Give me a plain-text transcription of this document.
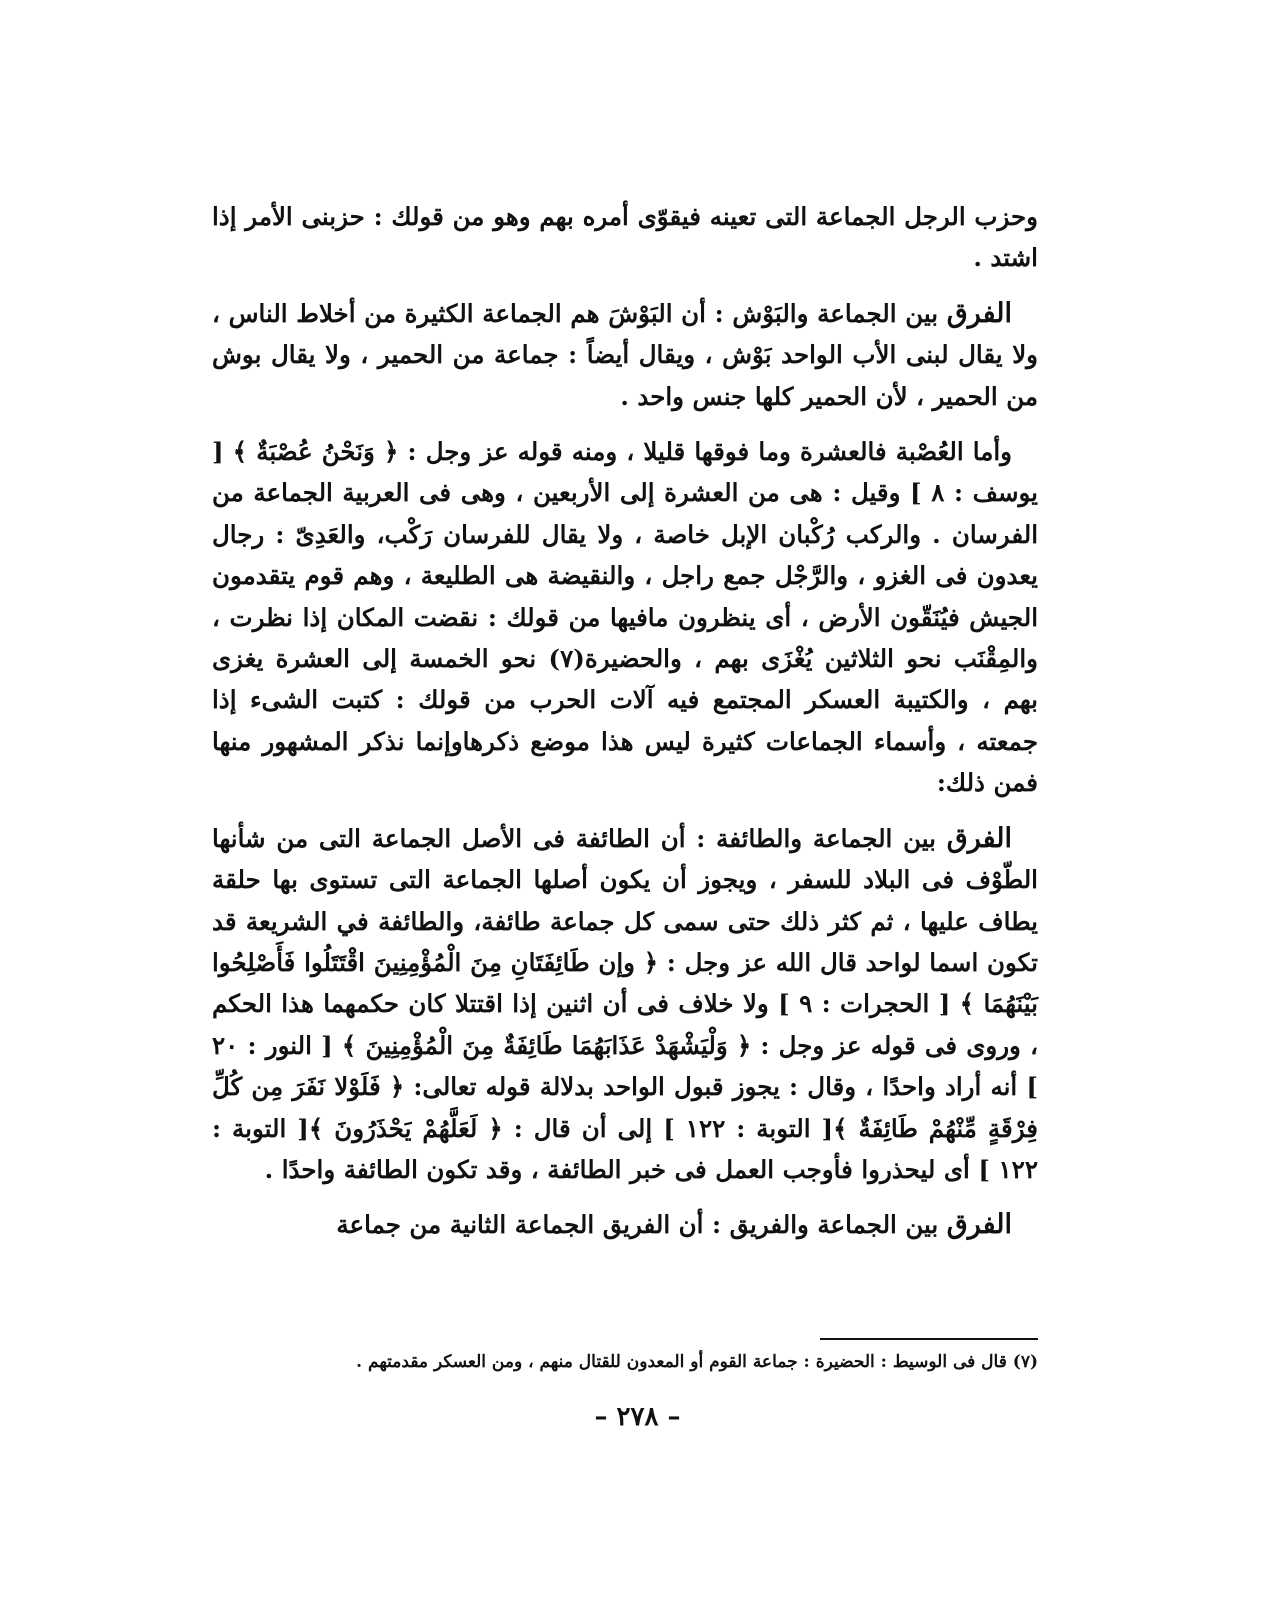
وحزب الرجل الجماعة التى تعينه فيقوّى أمره بهم وهو من قولك : حزبنى الأمر إذا اشتد .

الفرق بين الجماعة والبَوْش : أن البَوْشَ هم الجماعة الكثيرة من أخلاط الناس ، ولا يقال لبنى الأب الواحد بَوْش ، ويقال أيضاً : جماعة من الحمير ، ولا يقال بوش من الحمير ، لأن الحمير كلها جنس واحد .

وأما العُصْبة فالعشرة وما فوقها قليلا ، ومنه قوله عز وجل : ﴿ وَنَحْنُ عُصْبَةٌ ﴾ [ يوسف : ٨ ] وقيل : هى من العشرة إلى الأربعين ، وهى فى العربية الجماعة من الفرسان . والركب رُكْبان الإبل خاصة ، ولا يقال للفرسان رَكْب، والعَدِىّ : رجال يعدون فى الغزو ، والرَّجْل جمع راجل ، والنقيضة هى الطليعة ، وهم قوم يتقدمون الجيش فيُنَقّون الأرض ، أى ينظرون مافيها من قولك : نقضت المكان إذا نظرت ، والمِقْنَب نحو الثلاثين يُغْزَى بهم ، والحضيرة(٧) نحو الخمسة إلى العشرة يغزى بهم ، والكتيبة العسكر المجتمع فيه آلات الحرب من قولك : كتبت الشىء إذا جمعته ، وأسماء الجماعات كثيرة ليس هذا موضع ذكرهاوإنما نذكر المشهور منها فمن ذلك:

الفرق بين الجماعة والطائفة : أن الطائفة فى الأصل الجماعة التى من شأنها الطّوْف فى البلاد للسفر ، ويجوز أن يكون أصلها الجماعة التى تستوى بها حلقة يطاف عليها ، ثم كثر ذلك حتى سمى كل جماعة طائفة، والطائفة في الشريعة قد تكون اسما لواحد قال الله عز وجل : ﴿ وإن طَائِفَتَانِ مِنَ الْمُؤْمِنِينَ اقْتَتَلُوا فَأَصْلِحُوا بَيْنَهُمَا ﴾ [ الحجرات : ٩ ] ولا خلاف فى أن اثنين إذا اقتتلا كان حكمهما هذا الحكم ، وروى فى قوله عز وجل : ﴿ وَلْيَشْهَدْ عَذَابَهُمَا طَائِفَةٌ مِنَ الْمُؤْمِنِينَ ﴾ [ النور : ٢٠ ] أنه أراد واحدًا ، وقال : يجوز قبول الواحد بدلالة قوله تعالى: ﴿ فَلَوْلا نَفَرَ مِن كُلِّ فِرْقَةٍ مِّنْهُمْ طَائِفَةٌ ﴾[ التوبة : ١٢٢ ] إلى أن قال : ﴿ لَعَلَّهُمْ يَحْذَرُونَ ﴾[ التوبة : ١٢٢ ] أى ليحذروا فأوجب العمل فى خبر الطائفة ، وقد تكون الطائفة واحدًا .

الفرق بين الجماعة والفريق : أن الفريق الجماعة الثانية من جماعة

(٧) قال فى الوسيط : الحضيرة : جماعة القوم أو المعدون للقتال منهم ، ومن العسكر مقدمتهم .
– ٢٧٨ –
